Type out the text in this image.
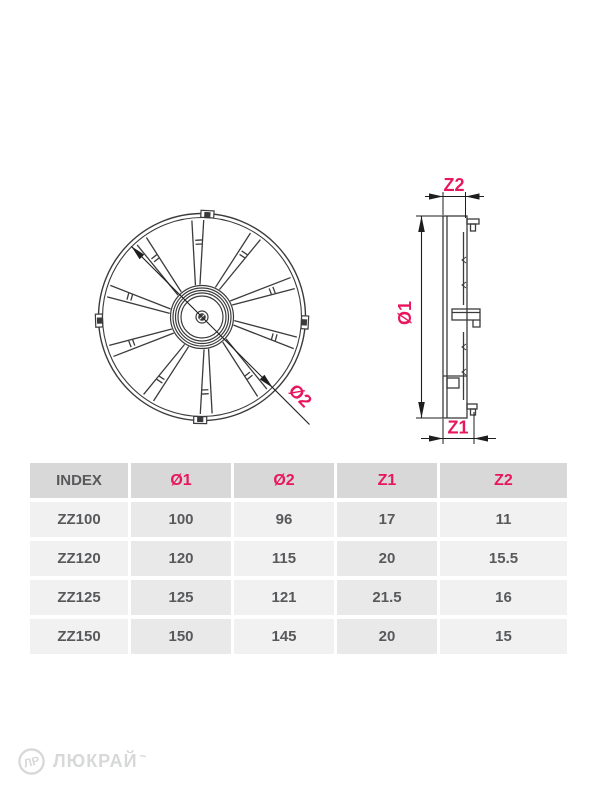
Ø2
Ø1
Z2
Z1
INDEX	Ø1	Ø2	Z1	Z2
ZZ100	100	96	17	11
ZZ120	120	115	20	15.5
ZZ125	125	121	21.5	16
ZZ150	150	145	20	15
ЛР ЛЮКРАЙ ~
